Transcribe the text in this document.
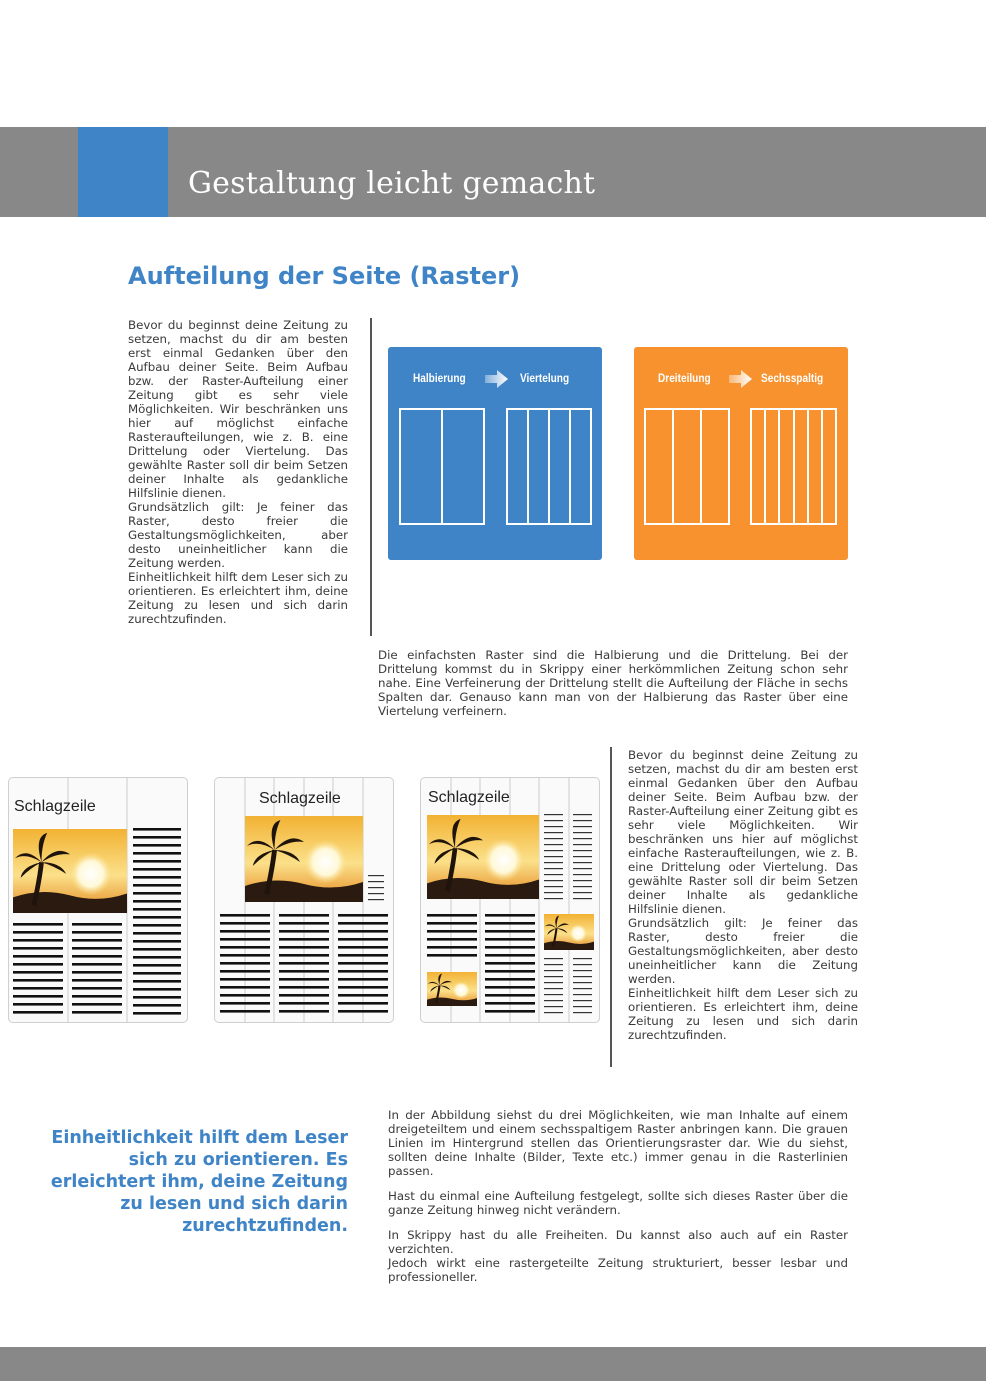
Gestaltung leicht gemacht
Aufteilung der Seite (Raster)

Bevor du beginnst deine Zeitung zu setzen, machst du dir am besten erst einmal Gedanken über den Aufbau deiner Seite. Beim Aufbau bzw. der Raster-Aufteilung einer Zeitung gibt es sehr viele Möglichkeiten. Wir beschränken uns hier auf möglichst einfache Rasteraufteilungen, wie z. B. eine Drittelung oder Viertelung. Das gewählte Raster soll dir beim Setzen deiner Inhalte als gedankliche Hilfslinie dienen.

Grundsätzlich gilt: Je feiner das Raster, desto freier die Gestaltungsmöglichkeiten, aber desto uneinheitlicher kann die Zeitung werden.

Einheitlichkeit hilft dem Leser sich zu orientieren. Es erleichtert ihm, deine Zeitung zu lesen und sich darin zurechtzufinden.

Halbierung	Viertelung	Dreiteilung	Sechsspaltig

Die einfachsten Raster sind die Halbierung und die Drittelung. Bei der Drittelung kommst du in Skrippy einer herkömmlichen Zeitung schon sehr nahe. Eine Verfeinerung der Drittelung stellt die Aufteilung der Fläche in sechs Spalten dar. Genauso kann man von der Halbierung das Raster über eine Viertelung verfeinern.

Schlagzeile	Schlagzeile	Schlagzeile

Bevor du beginnst deine Zeitung zu setzen, machst du dir am besten erst einmal Gedanken über den Aufbau deiner Seite. Beim Aufbau bzw. der Raster-Aufteilung einer Zeitung gibt es sehr viele Möglichkeiten. Wir beschränken uns hier auf möglichst einfache Rasteraufteilungen, wie z. B. eine Drittelung oder Viertelung. Das gewählte Raster soll dir beim Setzen deiner Inhalte als gedankliche Hilfslinie dienen.

Grundsätzlich gilt: Je feiner das Raster, desto freier die Gestaltungsmöglichkeiten, aber desto uneinheitlicher kann die Zeitung werden.

Einheitlichkeit hilft dem Leser sich zu orientieren. Es erleichtert ihm, deine Zeitung zu lesen und sich darin zurechtzufinden.

Einheitlichkeit hilft dem Leser sich zu orientieren. Es erleichtert ihm, deine Zeitung zu lesen und sich darin zurechtzufinden.

In der Abbildung siehst du drei Möglichkeiten, wie man Inhalte auf einem dreigeteiltem und einem sechsspaltigem Raster anbringen kann. Die grauen Linien im Hintergrund stellen das Orientierungsraster dar. Wie du siehst, sollten deine Inhalte (Bilder, Texte etc.) immer genau in die Rasterlinien passen.

Hast du einmal eine Aufteilung festgelegt, sollte sich dieses Raster über die ganze Zeitung hinweg nicht verändern.

In Skrippy hast du alle Freiheiten. Du kannst also auch auf ein Raster verzichten.

Jedoch wirkt eine rastergeteilte Zeitung strukturiert, besser lesbar und professioneller.
